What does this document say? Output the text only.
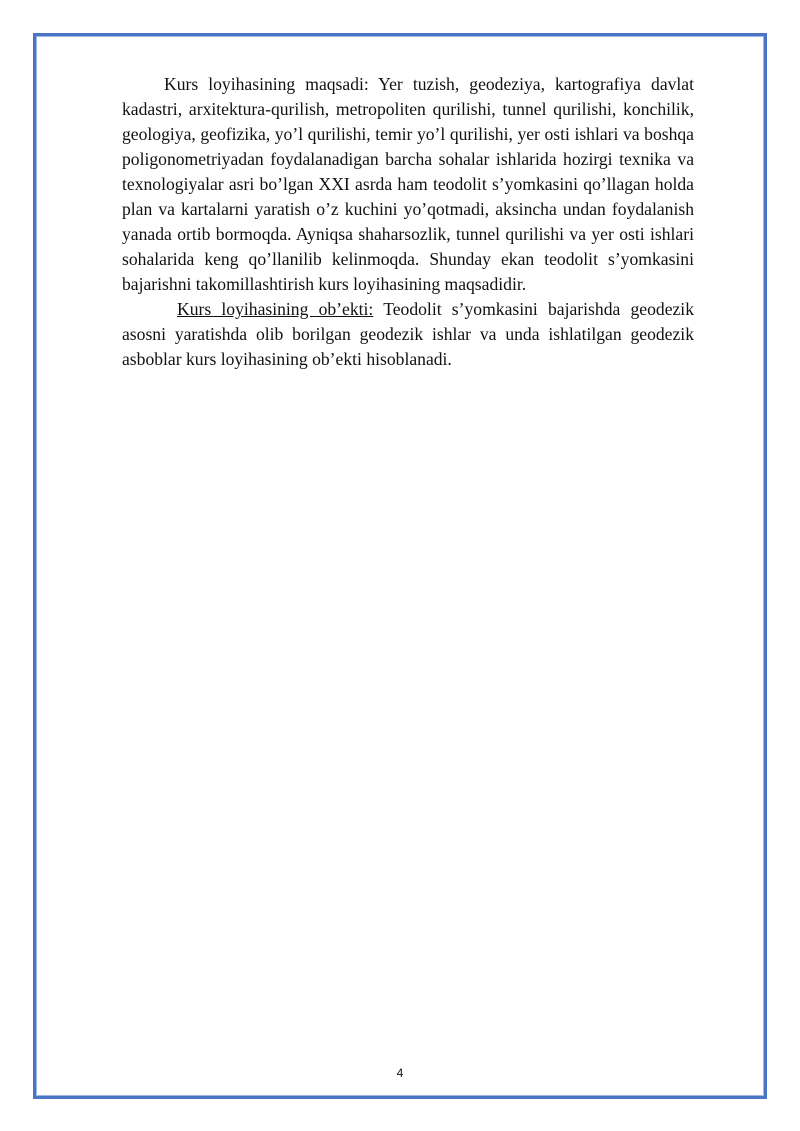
Kurs loyihasining maqsadi: Yer tuzish, geodeziya, kartografiya davlat kadastri, arxitektura-qurilish, metropoliten qurilishi, tunnel qurilishi, konchilik, geologiya, geofizika, yo’l qurilishi, temir yo’l qurilishi, yer osti ishlari va boshqa poligonometriyadan foydalanadigan barcha sohalar ishlarida hozirgi texnika va texnologiyalar asri bo’lgan XXI asrda ham teodolit s’yomkasini qo’llagan holda plan va kartalarni yaratish o’z kuchini yo’qotmadi, aksincha undan foydalanish yanada ortib bormoqda. Ayniqsa shaharsozlik, tunnel qurilishi va yer osti ishlari sohalarida keng qo’llanilib kelinmoqda. Shunday ekan teodolit s’yomkasini bajarishni takomillashtirish kurs loyihasining maqsadidir.

Kurs loyihasining ob’ekti: Teodolit s’yomkasini bajarishda geodezik asosni yaratishda olib borilgan geodezik ishlar va unda ishlatilgan geodezik asboblar kurs loyihasining ob’ekti hisoblanadi.

4
